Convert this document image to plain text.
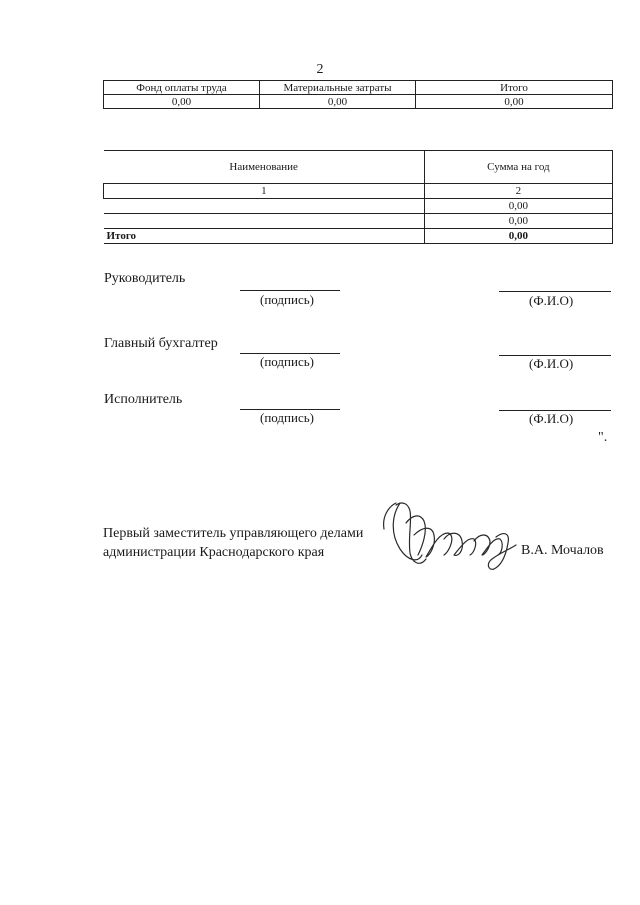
2
Фонд оплаты труда	Материальные затраты	Итого
0,00	0,00	0,00
Наименование	Сумма на год
1	2
	0,00
	0,00
Итого	0,00
Руководитель
(подпись)	(Ф.И.О)
Главный бухгалтер
(подпись)	(Ф.И.О)
Исполнитель
(подпись)	(Ф.И.О)
".
Первый заместитель управляющего делами
администрации Краснодарского края	В.А. Мочалов
